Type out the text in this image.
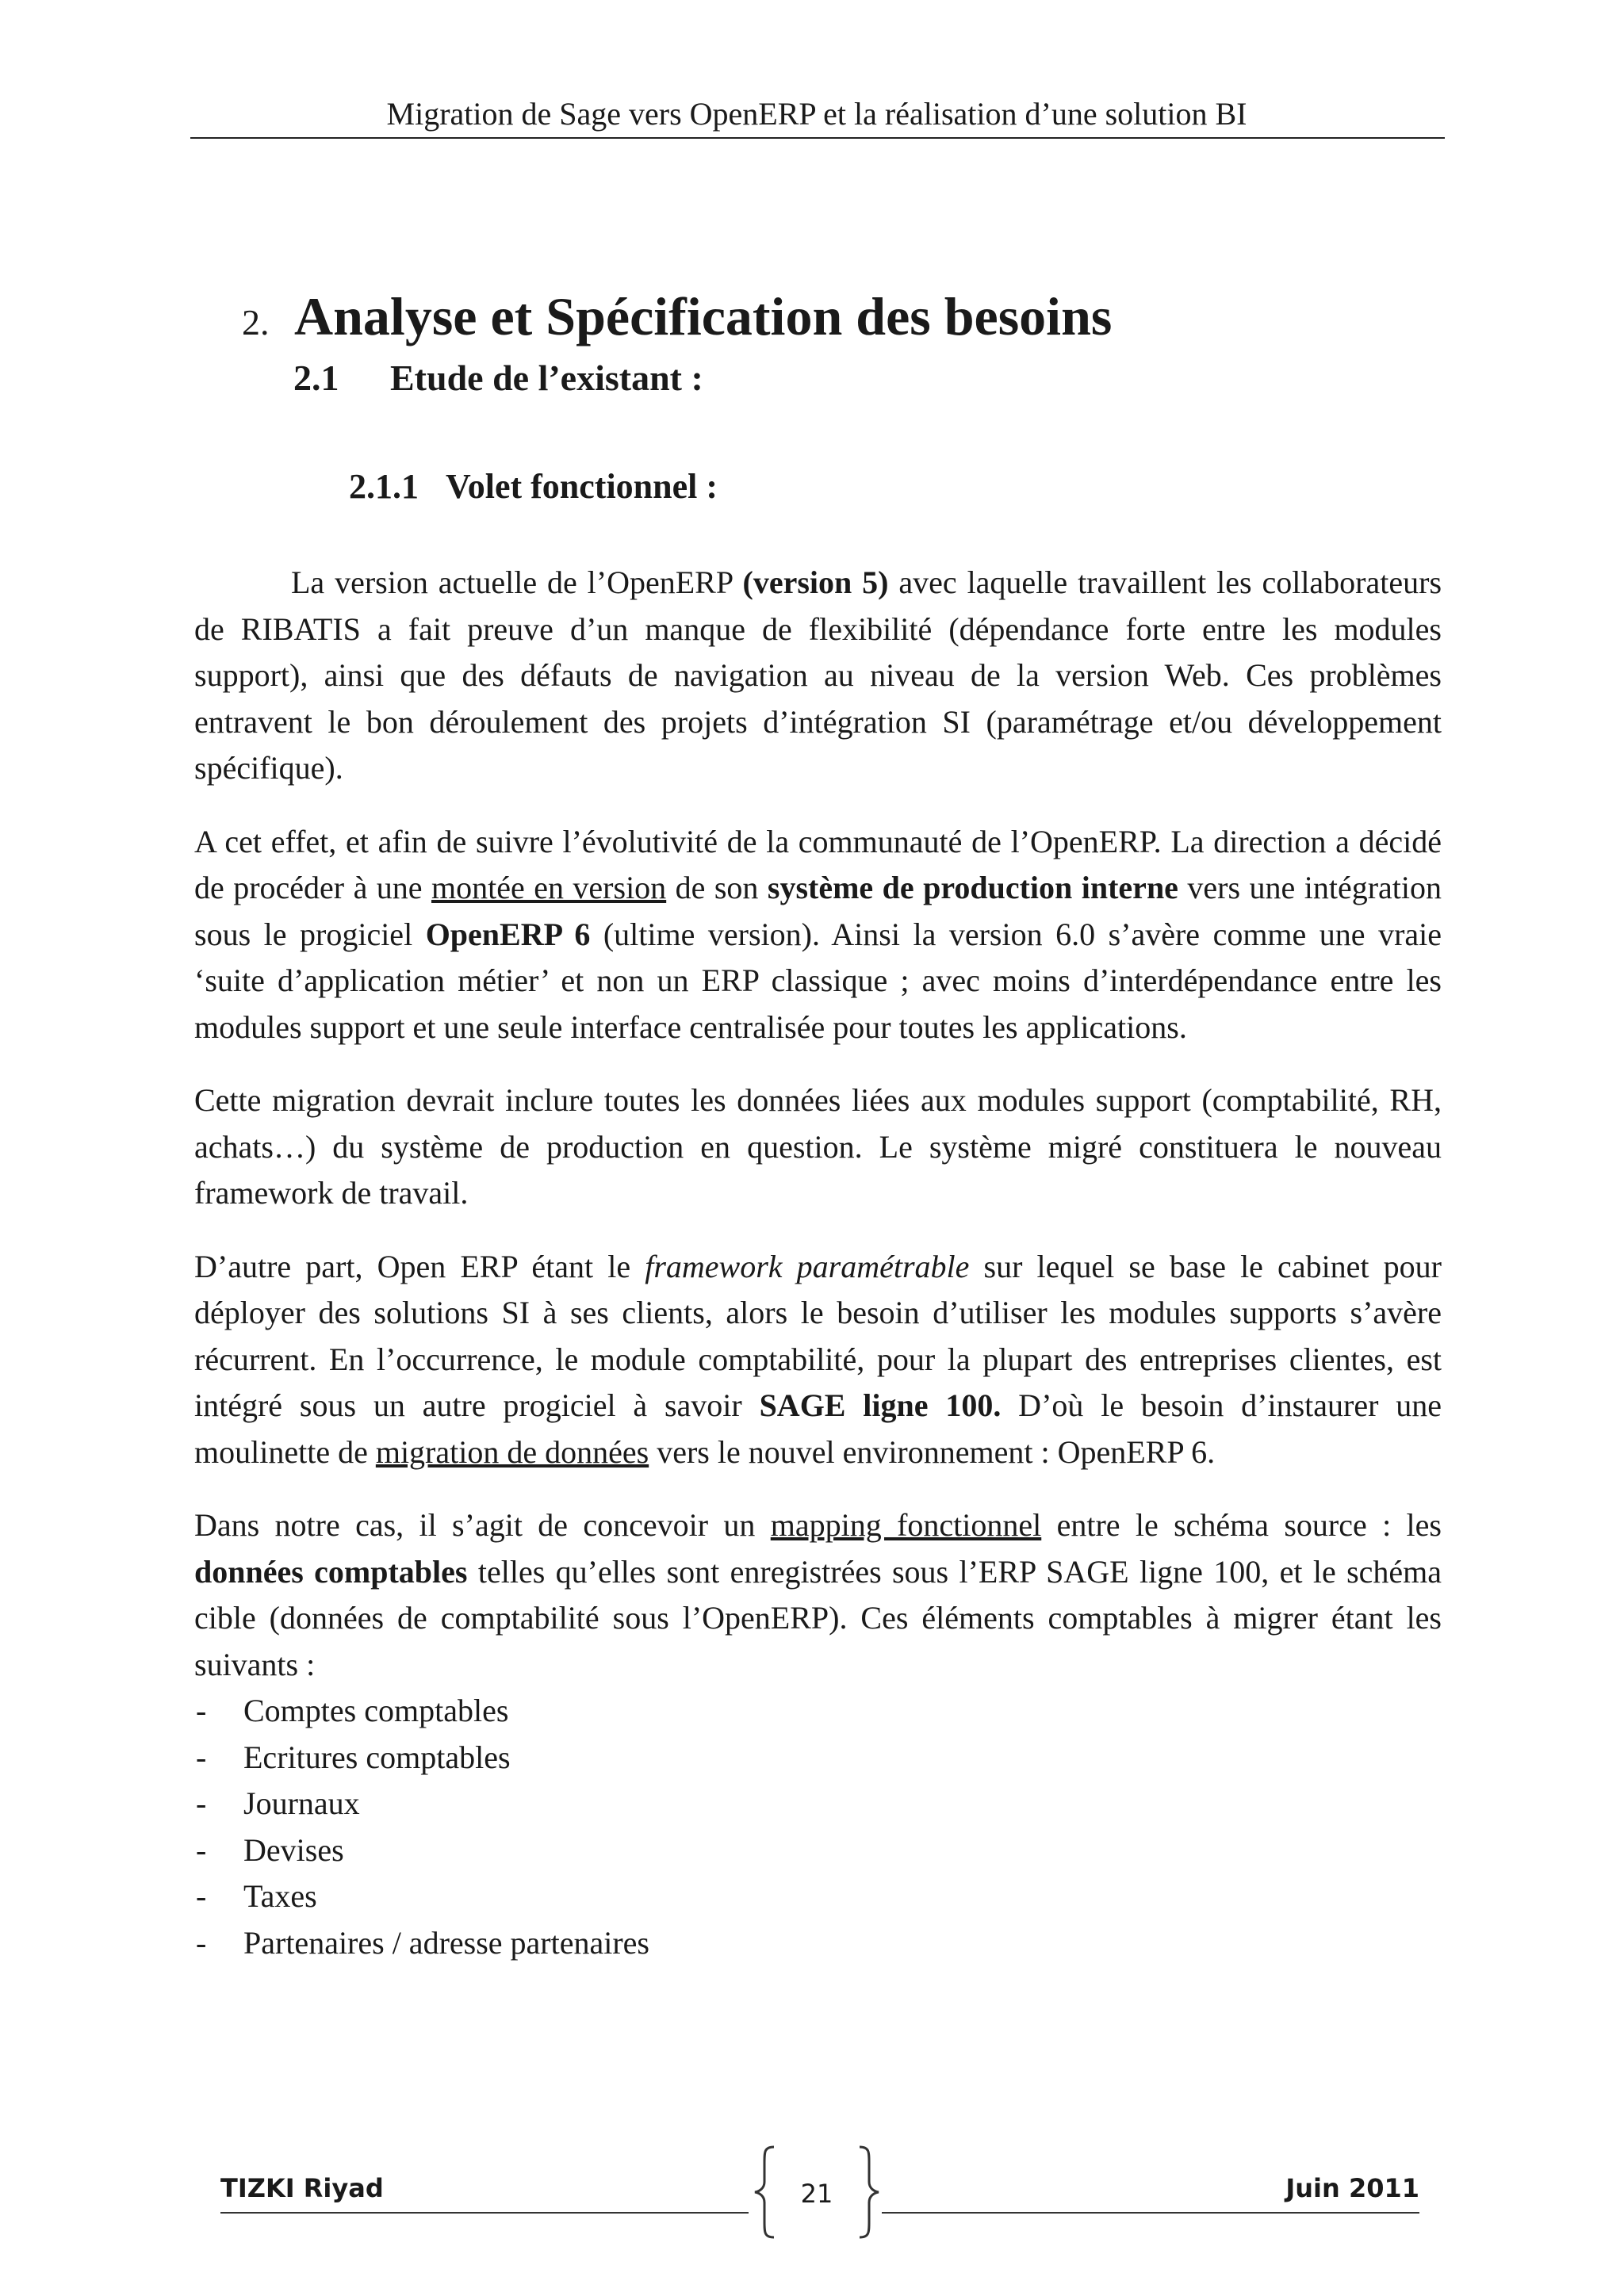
Migration de Sage vers OpenERP et la réalisation d’une solution BI
2. Analyse et Spécification des besoins
2.1 Etude de l’existant :
2.1.1 Volet fonctionnel :

La version actuelle de l’OpenERP (version 5) avec laquelle travaillent les collaborateurs de RIBATIS a fait preuve d’un manque de flexibilité (dépendance forte entre les modules support), ainsi que des défauts de navigation au niveau de la version Web. Ces problèmes entravent le bon déroulement des projets d’intégration SI (paramétrage et/ou développement spécifique).

A cet effet, et afin de suivre l’évolutivité de la communauté de l’OpenERP. La direction a décidé de procéder à une montée en version de son système de production interne vers une intégration sous le progiciel OpenERP 6 (ultime version). Ainsi la version 6.0 s’avère comme une vraie ‘suite d’application métier’ et non un ERP classique ; avec moins d’interdépendance entre les modules support et une seule interface centralisée pour toutes les applications.

Cette migration devrait inclure toutes les données liées aux modules support (comptabilité, RH, achats…) du système de production en question. Le système migré constituera le nouveau framework de travail.

D’autre part, Open ERP étant le framework paramétrable sur lequel se base le cabinet pour déployer des solutions SI à ses clients, alors le besoin d’utiliser les modules supports s’avère récurrent. En l’occurrence, le module comptabilité, pour la plupart des entreprises clientes, est intégré sous un autre progiciel à savoir SAGE ligne 100. D’où le besoin d’instaurer une moulinette de migration de données vers le nouvel environnement : OpenERP 6.

Dans notre cas, il s’agit de concevoir un mapping fonctionnel entre le schéma source : les données comptables telles qu’elles sont enregistrées sous l’ERP SAGE ligne 100, et le schéma cible (données de comptabilité sous l’OpenERP). Ces éléments comptables à migrer étant les suivants :

- Comptes comptables
- Ecritures comptables
- Journaux
- Devises
- Taxes
- Partenaires / adresse partenaires
TIZKI Riyad	21	Juin 2011
